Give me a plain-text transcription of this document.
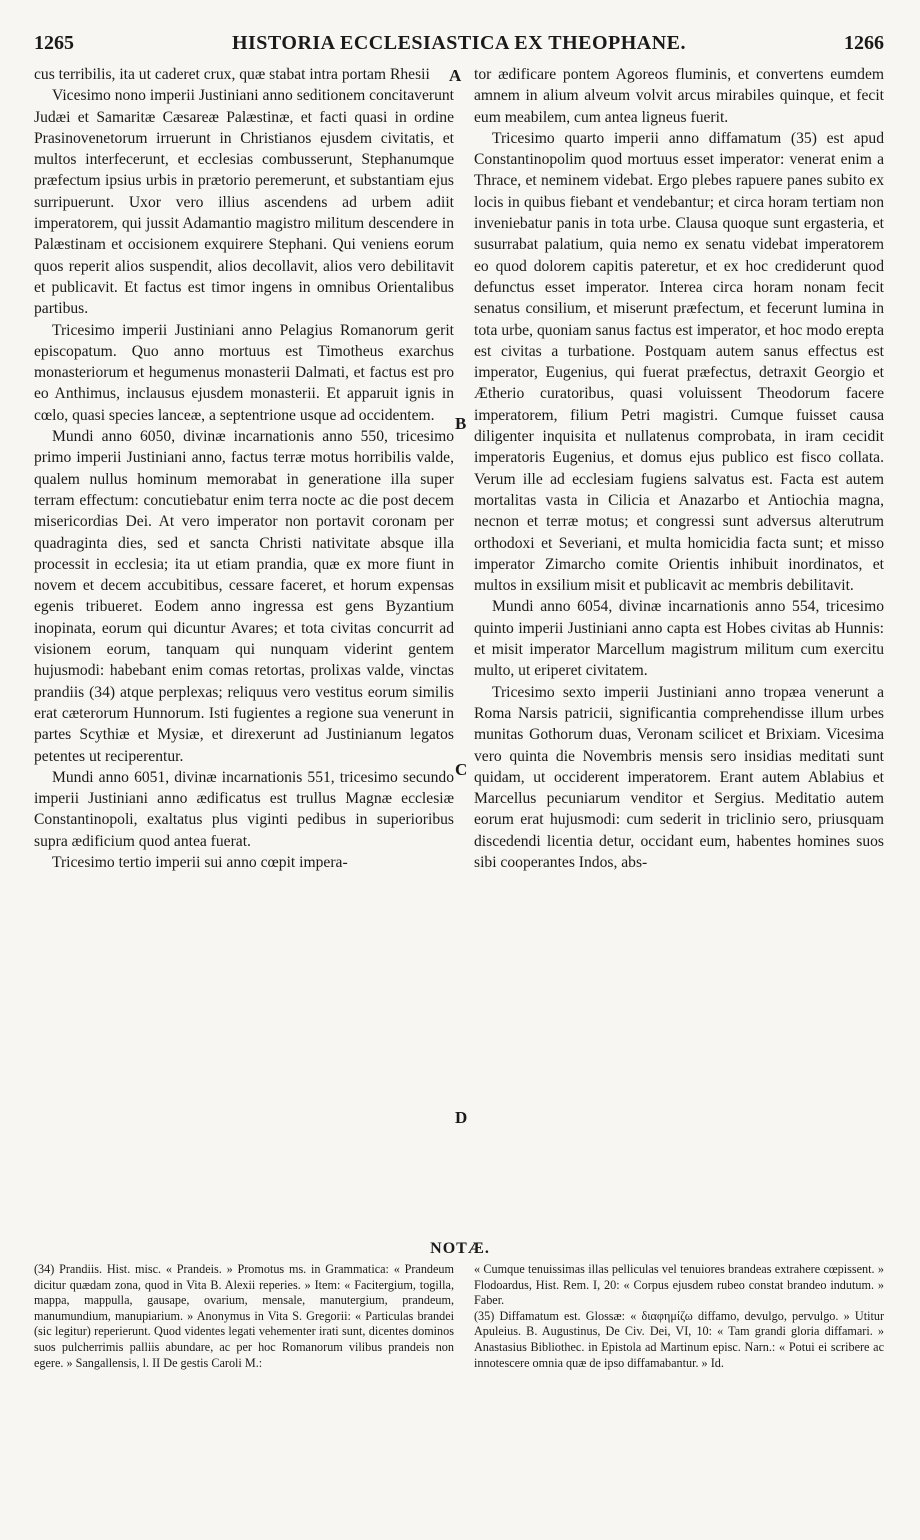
1265	HISTORIA ECCLESIASTICA EX THEOPHANE.	1266

cus terribilis, ita ut caderet crux, quæ stabat intra portam Rhesii

Vicesimo nono imperii Justiniani anno seditionem concitaverunt Judæi et Samaritæ Cæsareæ Palæstinæ, et facti quasi in ordine Prasinovenetorum irruerunt in Christianos ejusdem civitatis, et multos interfecerunt, et ecclesias combusserunt, Stephanumque præfectum ipsius urbis in prætorio peremerunt, et substantiam ejus surripuerunt. Uxor vero illius ascendens ad urbem adiit imperatorem, qui jussit Adamantio magistro militum descendere in Palæstinam et occisionem exquirere Stephani. Qui veniens eorum quos reperit alios suspendit, alios decollavit, alios vero debilitavit et publicavit. Et factus est timor ingens in omnibus Orientalibus partibus.

Tricesimo imperii Justiniani anno Pelagius Romanorum gerit episcopatum. Quo anno mortuus est Timotheus exarchus monasteriorum et hegumenus monasterii Dalmati, et factus est pro eo Anthimus, inclausus ejusdem monasterii. Et apparuit ignis in cœlo, quasi species lanceæ, a septentrione usque ad occidentem.

Mundi anno 6050, divinæ incarnationis anno 550, tricesimo primo imperii Justiniani anno, factus terræ motus horribilis valde, qualem nullus hominum memorabat in generatione illa super terram effectum: concutiebatur enim terra nocte ac die post decem misericordias Dei. At vero imperator non portavit coronam per quadraginta dies, sed et sancta Christi nativitate absque illa processit in ecclesia; ita ut etiam prandia, quæ ex more fiunt in novem et decem accubitibus, cessare faceret, et horum expensas egenis tribueret. Eodem anno ingressa est gens Byzantium inopinata, eorum qui dicuntur Avares; et tota civitas concurrit ad visionem eorum, tanquam qui nunquam viderint gentem hujusmodi: habebant enim comas retortas, prolixas valde, vinctas prandiis (34) atque perplexas; reliquus vero vestitus eorum similis erat cæterorum Hunnorum. Isti fugientes a regione sua venerunt in partes Scythiæ et Mysiæ, et direxerunt ad Justinianum legatos petentes ut reciperentur.

Mundi anno 6051, divinæ incarnationis 551, tricesimo secundo imperii Justiniani anno ædificatus est trullus Magnæ ecclesiæ Constantinopoli, exaltatus plus viginti pedibus in superioribus supra ædificium quod antea fuerat.

Tricesimo tertio imperii sui anno cœpit impera-

A
B
C
D

tor ædificare pontem Agoreos fluminis, et convertens eumdem amnem in alium alveum volvit arcus mirabiles quinque, et fecit eum meabilem, cum antea ligneus fuerit.

Tricesimo quarto imperii anno diffamatum (35) est apud Constantinopolim quod mortuus esset imperator: venerat enim a Thrace, et neminem videbat. Ergo plebes rapuere panes subito ex locis in quibus fiebant et vendebantur; et circa horam tertiam non inveniebatur panis in tota urbe. Clausa quoque sunt ergasteria, et susurrabat palatium, quia nemo ex senatu videbat imperatorem eo quod dolorem capitis pateretur, et ex hoc crediderunt quod defunctus esset imperator. Interea circa horam nonam fecit senatus consilium, et miserunt præfectum, et fecerunt lumina in tota urbe, quoniam sanus factus est imperator, et hoc modo erepta est civitas a turbatione. Postquam autem sanus effectus est imperator, Eugenius, qui fuerat præfectus, detraxit Georgio et Ætherio curatoribus, quasi voluissent Theodorum facere imperatorem, filium Petri magistri. Cumque fuisset causa diligenter inquisita et nullatenus comprobata, in iram cecidit imperatoris Eugenius, et domus ejus publico est fisco collata. Verum ille ad ecclesiam fugiens salvatus est. Facta est autem mortalitas vasta in Cilicia et Anazarbo et Antiochia magna, necnon et terræ motus; et congressi sunt adversus alterutrum orthodoxi et Severiani, et multa homicidia facta sunt; et misso imperator Zimarcho comite Orientis inhibuit inordinatos, et multos in exsilium misit et publicavit ac membris debilitavit.

Mundi anno 6054, divinæ incarnationis anno 554, tricesimo quinto imperii Justiniani anno capta est Hobes civitas ab Hunnis: et misit imperator Marcellum magistrum militum cum exercitu multo, ut eriperet civitatem.

Tricesimo sexto imperii Justiniani anno tropæa venerunt a Roma Narsis patricii, significantia comprehendisse illum urbes munitas Gothorum duas, Veronam scilicet et Brixiam. Vicesima vero quinta die Novembris mensis sero insidias meditati sunt quidam, ut occiderent imperatorem. Erant autem Ablabius et Marcellus pecuniarum venditor et Sergius. Meditatio autem eorum erat hujusmodi: cum sederit in triclinio sero, priusquam discedendi licentia detur, occidant eum, habentes homines suos sibi cooperantes Indos, abs-

NOTÆ.

(34) Prandiis. Hist. misc. « Prandeis. » Promotus ms. in Grammatica: « Prandeum dicitur quædam zona, quod in Vita B. Alexii reperies. » Item: « Facitergium, togilla, mappa, mappulla, gausape, ovarium, mensale, manutergium, prandeum, manumundium, manupiarium. » Anonymus in Vita S. Gregorii: « Particulas brandei (sic legitur) reperierunt. Quod videntes legati vehementer irati sunt, dicentes dominos suos pulcherrimis palliis abundare, ac per hoc Romanorum vilibus prandeis non egere. » Sangallensis, l. II De gestis Caroli M.:

« Cumque tenuissimas illas pelliculas vel tenuiores brandeas extrahere cœpissent. » Flodoardus, Hist. Rem. I, 20: « Corpus ejusdem rubeo constat brandeo indutum. » Faber.

(35) Diffamatum est. Glossæ: « διαφημίζω diffamo, devulgo, pervulgo. » Utitur Apuleius. B. Augustinus, De Civ. Dei, VI, 10: « Tam grandi gloria diffamari. » Anastasius Bibliothec. in Epistola ad Martinum episc. Narn.: « Potui ei scribere ac innotescere omnia quæ de ipso diffamabantur. » Id.
